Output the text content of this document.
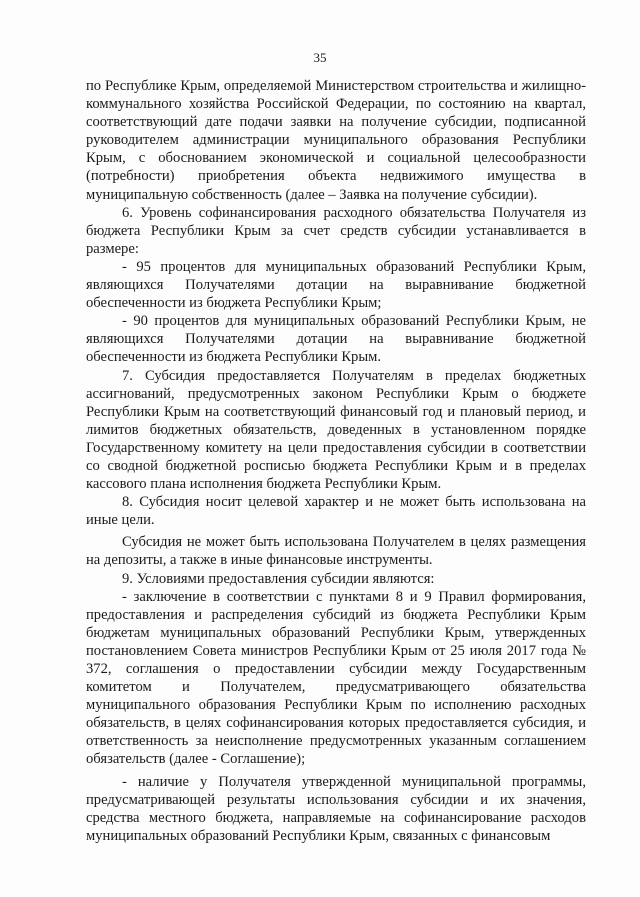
35

по Республике Крым, определяемой Министерством строительства и жилищно-коммунального хозяйства Российской Федерации, по состоянию на квартал, соответствующий дате подачи заявки на получение субсидии, подписанной руководителем администрации муниципального образования Республики Крым, с обоснованием экономической и социальной целесообразности (потребности) приобретения объекта недвижимого имущества в муниципальную собственность (далее – Заявка на получение субсидии).

6. Уровень софинансирования расходного обязательства Получателя из бюджета Республики Крым за счет средств субсидии устанавливается в размере:

- 95 процентов для муниципальных образований Республики Крым, являющихся Получателями дотации на выравнивание бюджетной обеспеченности из бюджета Республики Крым;

- 90 процентов для муниципальных образований Республики Крым, не являющихся Получателями дотации на выравнивание бюджетной обеспеченности из бюджета Республики Крым.

7. Субсидия предоставляется Получателям в пределах бюджетных ассигнований, предусмотренных законом Республики Крым о бюджете Республики Крым на соответствующий финансовый год и плановый период, и лимитов бюджетных обязательств, доведенных в установленном порядке Государственному комитету на цели предоставления субсидии в соответствии со сводной бюджетной росписью бюджета Республики Крым и в пределах кассового плана исполнения бюджета Республики Крым.

8. Субсидия носит целевой характер и не может быть использована на иные цели.

Субсидия не может быть использована Получателем в целях размещения на депозиты, а также в иные финансовые инструменты.

9. Условиями предоставления субсидии являются:

- заключение в соответствии с пунктами 8 и 9 Правил формирования, предоставления и распределения субсидий из бюджета Республики Крым бюджетам муниципальных образований Республики Крым, утвержденных постановлением Совета министров Республики Крым от 25 июля 2017 года № 372, соглашения о предоставлении субсидии между Государственным комитетом и Получателем, предусматривающего обязательства муниципального образования Республики Крым по исполнению расходных обязательств, в целях софинансирования которых предоставляется субсидия, и ответственность за неисполнение предусмотренных указанным соглашением обязательств (далее - Соглашение);

- наличие у Получателя утвержденной муниципальной программы, предусматривающей результаты использования субсидии и их значения, средства местного бюджета, направляемые на софинансирование расходов муниципальных образований Республики Крым, связанных с финансовым
